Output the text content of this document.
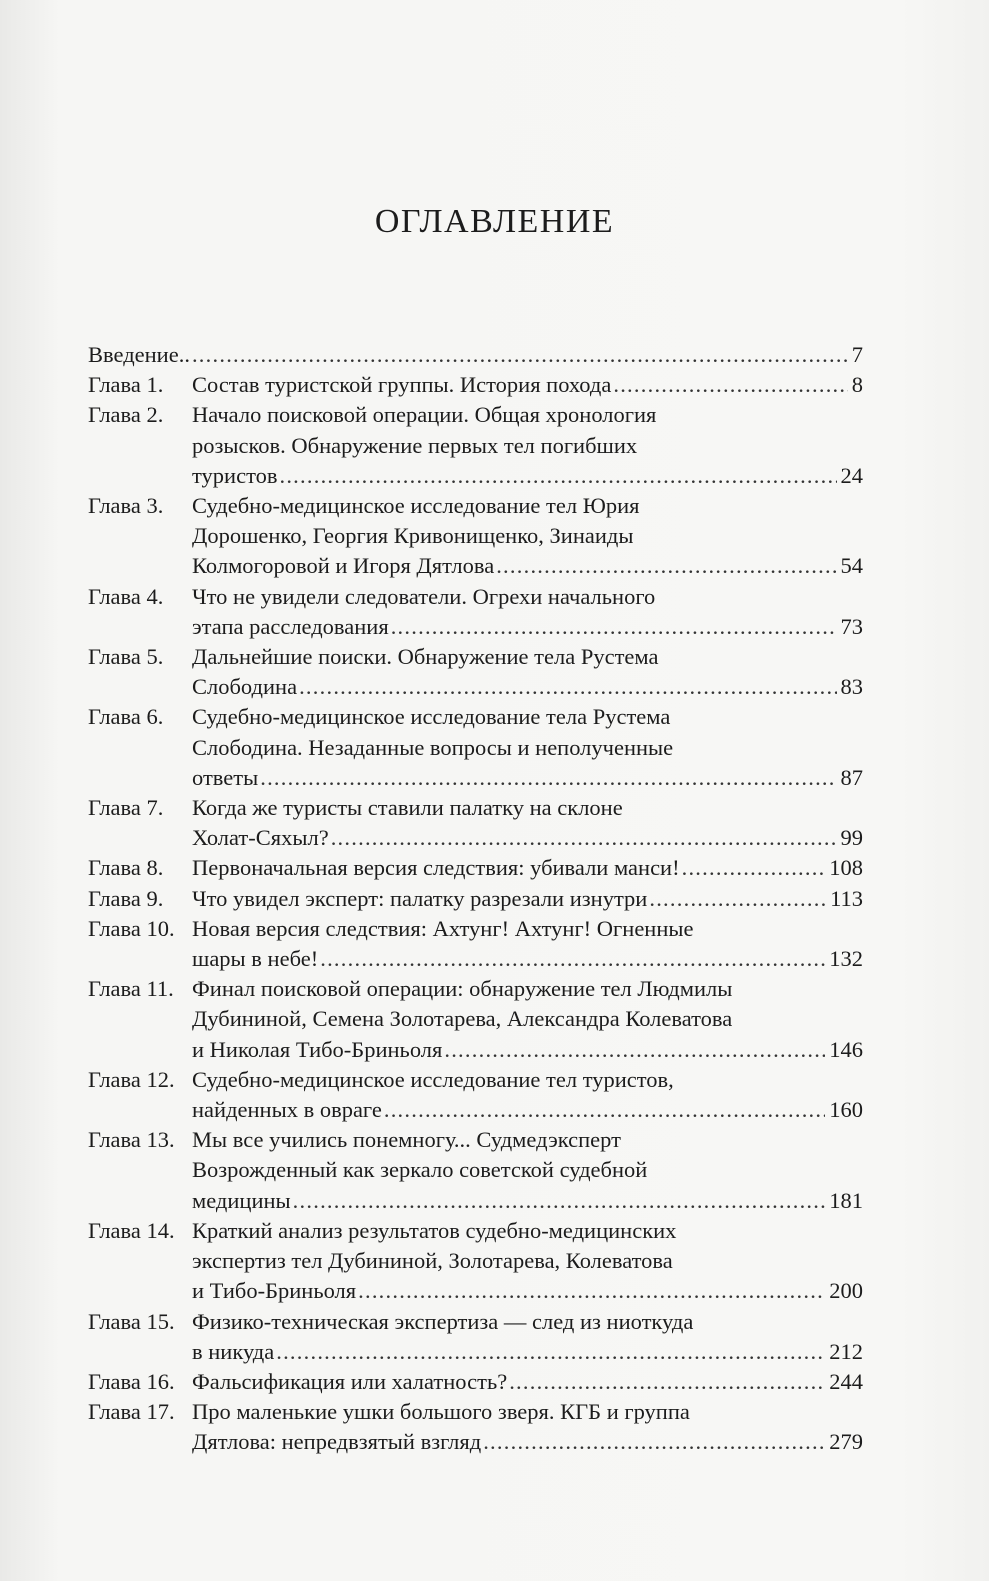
ОГЛАВЛЕНИЕ
Введение.. . . .	7
Глава 1.	Состав туристской группы. История похода . . .	8
Глава 2.	Начало поисковой операции. Общая хронология
розысков. Обнаружение первых тел погибших
туристов . . .	24
Глава 3.	Судебно-медицинское исследование тел Юрия
Дорошенко, Георгия Кривонищенко, Зинаиды
Колмогоровой и Игоря Дятлова . . .	54
Глава 4.	Что не увидели следователи. Огрехи начального
этапа расследования . . .	73
Глава 5.	Дальнейшие поиски. Обнаружение тела Рустема
Слободина . . .	83
Глава 6.	Судебно-медицинское исследование тела Рустема
Слободина. Незаданные вопросы и неполученные
ответы . . .	87
Глава 7.	Когда же туристы ставили палатку на склоне
Холат-Сяхыл? . . .	99
Глава 8.	Первоначальная версия следствия: убивали манси! . . .	108
Глава 9.	Что увидел эксперт: палатку разрезали изнутри . . .	113
Глава 10. Новая версия следствия: Ахтунг! Ахтунг! Огненные
шары в небе! . . .	132
Глава 11. Финал поисковой операции: обнаружение тел Людмилы
Дубининой, Семена Золотарева, Александра Колеватова
и Николая Тибо-Бриньоля . . .	146
Глава 12. Судебно-медицинское исследование тел туристов,
найденных в овраге . . .	160
Глава 13. Мы все учились понемногу... Судмедэксперт
Возрожденный как зеркало советской судебной
медицины . . .	181
Глава 14. Краткий анализ результатов судебно-медицинских
экспертиз тел Дубининой, Золотарева, Колеватова
и Тибо-Бриньоля . . .	200
Глава 15. Физико-техническая экспертиза — след из ниоткуда
в никуда . . .	212
Глава 16. Фальсификация или халатность? . . .	244
Глава 17. Про маленькие ушки большого зверя. КГБ и группа
Дятлова: непредвзятый взгляд . . .	279
